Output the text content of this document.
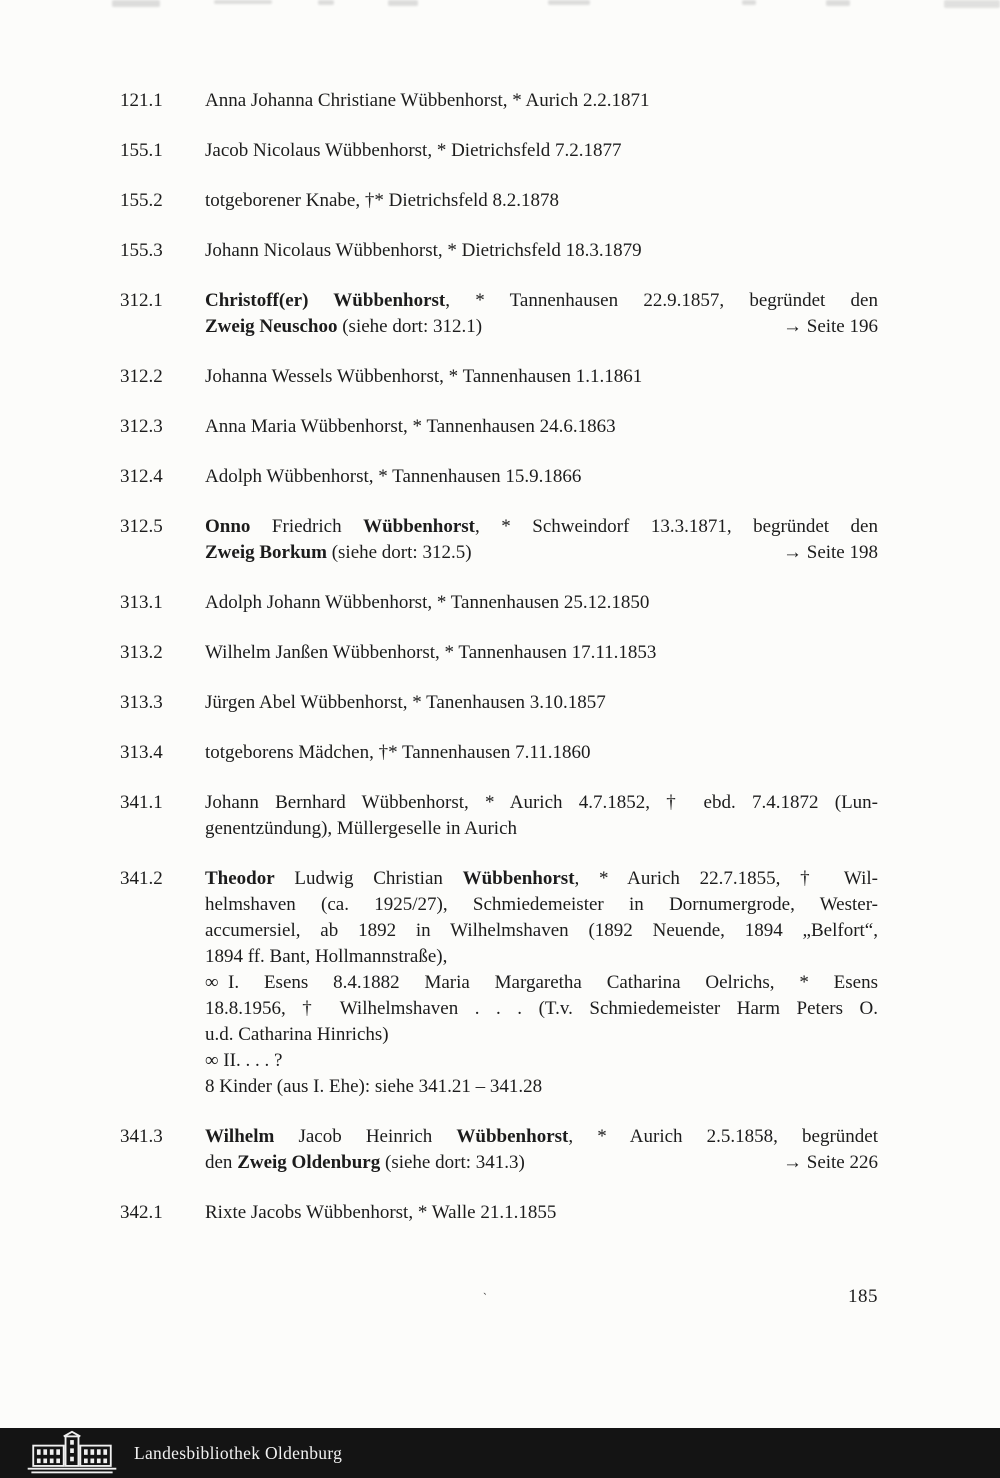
121.1	Anna Johanna Christiane Wübbenhorst, * Aurich 2.2.1871
155.1	Jacob Nicolaus Wübbenhorst, * Dietrichsfeld 7.2.1877
155.2	totgeborener Knabe, †* Dietrichsfeld 8.2.1878
155.3	Johann Nicolaus Wübbenhorst, * Dietrichsfeld 18.3.1879
312.1	Christoff(er) Wübbenhorst, * Tannenhausen 22.9.1857, begründet den
Zweig Neuschoo (siehe dort: 312.1)	→ Seite 196
312.2	Johanna Wessels Wübbenhorst, * Tannenhausen 1.1.1861
312.3	Anna Maria Wübbenhorst, * Tannenhausen 24.6.1863
312.4	Adolph Wübbenhorst, * Tannenhausen 15.9.1866
312.5	Onno Friedrich Wübbenhorst, * Schweindorf 13.3.1871, begründet den
Zweig Borkum (siehe dort: 312.5)	→ Seite 198
313.1	Adolph Johann Wübbenhorst, * Tannenhausen 25.12.1850
313.2	Wilhelm Janßen Wübbenhorst, * Tannenhausen 17.11.1853
313.3	Jürgen Abel Wübbenhorst, * Tanenhausen 3.10.1857
313.4	totgeborens Mädchen, †* Tannenhausen 7.11.1860
341.1	Johann Bernhard Wübbenhorst, * Aurich 4.7.1852, † ebd. 7.4.1872 (Lun-
genentzündung), Müllergeselle in Aurich
341.2	Theodor Ludwig Christian Wübbenhorst, * Aurich 22.7.1855, † Wil-
helmshaven (ca. 1925/27), Schmiedemeister in Dornumergrode, Wester-
accumersiel, ab 1892 in Wilhelmshaven (1892 Neuende, 1894 „Belfort“,
1894 ff. Bant, Hollmannstraße),
∞ I. Esens 8.4.1882 Maria Margaretha Catharina Oelrichs, * Esens
18.8.1956, † Wilhelmshaven . . . (T.v. Schmiedemeister Harm Peters O.
u.d. Catharina Hinrichs)
∞ II. . . . ?
8 Kinder (aus I. Ehe): siehe 341.21 – 341.28
341.3	Wilhelm Jacob Heinrich Wübbenhorst, * Aurich 2.5.1858, begründet
den Zweig Oldenburg (siehe dort: 341.3)	→ Seite 226
342.1	Rixte Jacobs Wübbenhorst, * Walle 21.1.1855
`	185
Landesbibliothek Oldenburg
